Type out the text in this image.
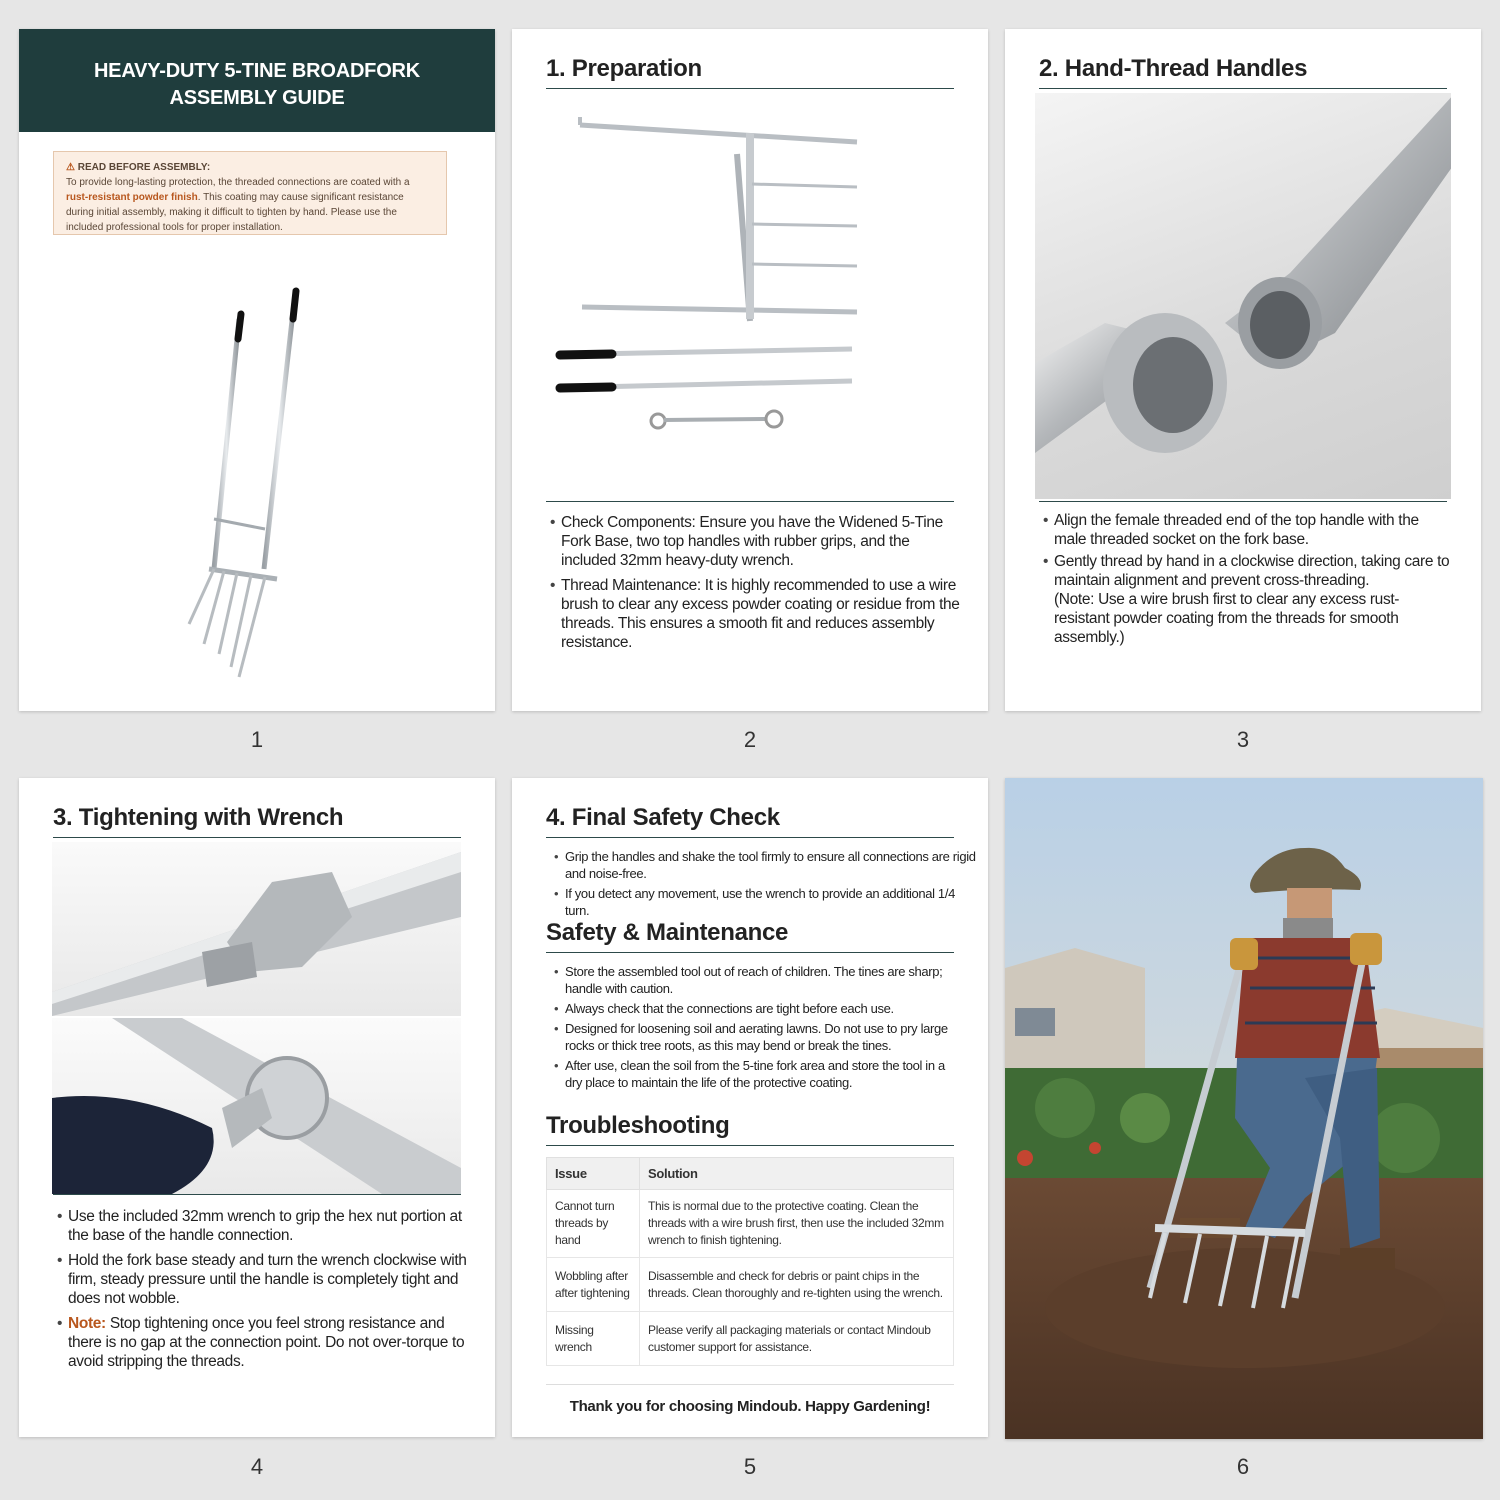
HEAVY-DUTY 5-TINE BROADFORK
ASSEMBLY GUIDE
⚠ READ BEFORE ASSEMBLY:
To provide long-lasting protection, the threaded connections are coated with a rust-resistant powder finish. This coating may cause significant resistance during initial assembly, making it difficult to tighten by hand. Please use the included professional tools for proper installation.
1
1. Preparation
• Check Components: Ensure you have the Widened 5-Tine Fork Base, two top handles with rubber grips, and the included 32mm heavy-duty wrench.
• Thread Maintenance: It is highly recommended to use a wire brush to clear any excess powder coating or residue from the threads. This ensures a smooth fit and reduces assembly resistance.
2
2. Hand-Thread Handles
• Align the female threaded end of the top handle with the male threaded socket on the fork base.
• Gently thread by hand in a clockwise direction, taking care to maintain alignment and prevent cross-threading.
(Note: Use a wire brush first to clear any excess rust-resistant powder coating from the threads for smooth assembly.)
3
3. Tightening with Wrench
• Use the included 32mm wrench to grip the hex nut portion at the base of the handle connection.
• Hold the fork base steady and turn the wrench clockwise with firm, steady pressure until the handle is completely tight and does not wobble.
• Note: Stop tightening once you feel strong resistance and there is no gap at the connection point. Do not over-torque to avoid stripping the threads.
4
4. Final Safety Check
• Grip the handles and shake the tool firmly to ensure all connections are rigid and noise-free.
• If you detect any movement, use the wrench to provide an additional 1/4 turn.
Safety & Maintenance
• Store the assembled tool out of reach of children. The tines are sharp; handle with caution.
• Always check that the connections are tight before each use.
• Designed for loosening soil and aerating lawns. Do not use to pry large rocks or thick tree roots, as this may bend or break the tines.
• After use, clean the soil from the 5-tine fork area and store the tool in a dry place to maintain the life of the protective coating.
Troubleshooting
Issue	Solution
Cannot turn threads by hand	This is normal due to the protective coating. Clean the threads with a wire brush first, then use the included 32mm wrench to finish tightening.
Wobbling after after tightening	Disassemble and check for debris or paint chips in the threads. Clean thoroughly and re-tighten using the wrench.
Missing wrench	Please verify all packaging materials or contact Mindoub customer support for assistance.
Thank you for choosing Mindoub. Happy Gardening!
5	6
